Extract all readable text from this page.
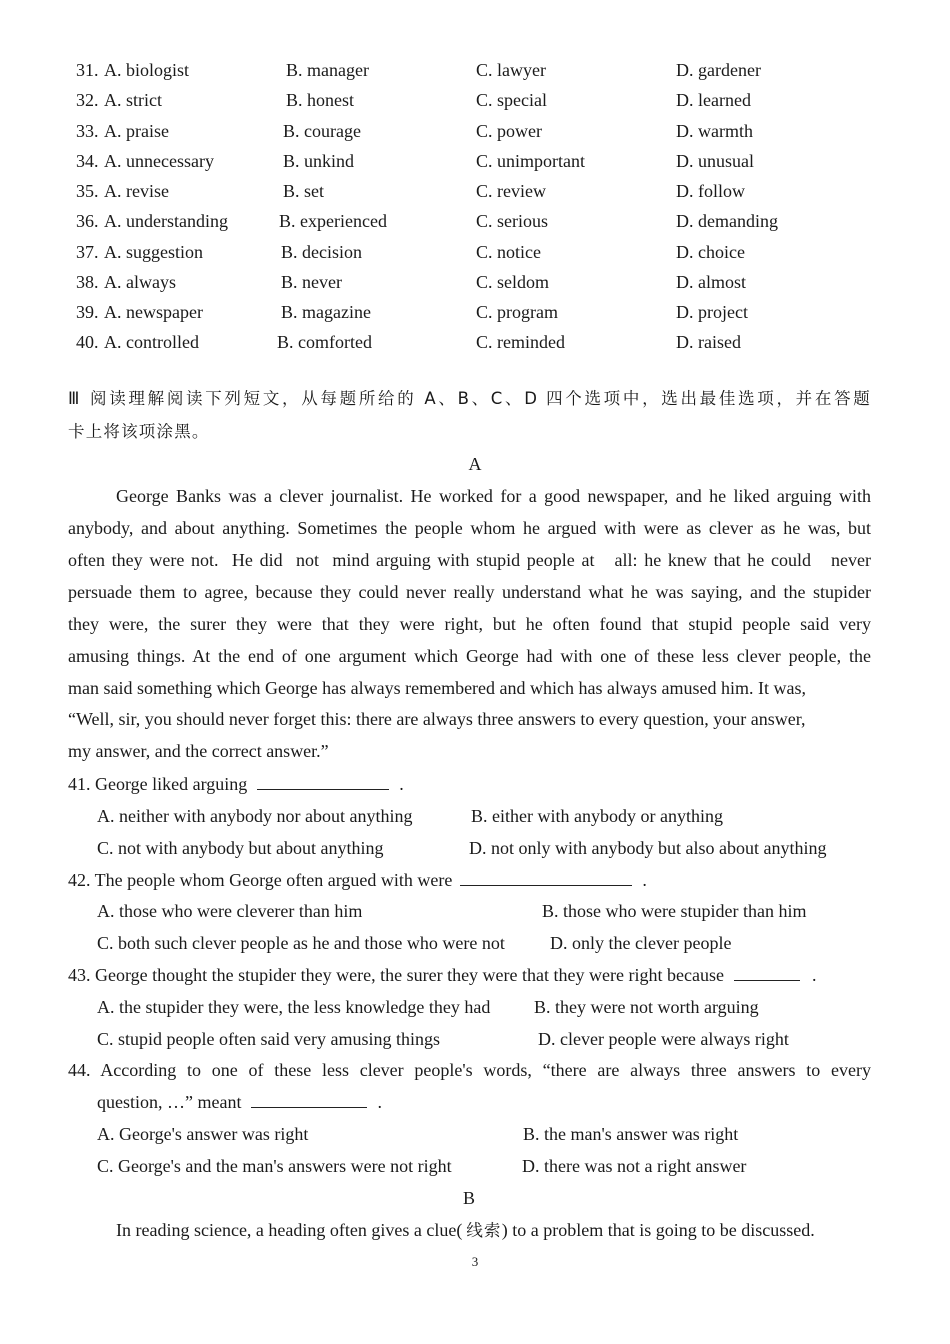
31. A. biologist	B. manager	C. lawyer	D. gardener
32. A. strict	B. honest	C. special	D. learned
33. A. praise	B. courage	C. power	D. warmth
34. A. unnecessary	B. unkind	C. unimportant	D. unusual
35. A. revise	B. set	C. review	D. follow
36. A. understanding	B. experienced	C. serious	D. demanding
37. A. suggestion	B. decision	C. notice	D. choice
38. A. always	B. never	C. seldom	D. almost
39. A. newspaper	B. magazine	C. program	D. project
40. A. controlled	B. comforted	C. reminded	D. raised
Ⅲ 阅读理解阅读下列短文，从每题所给的 A、B、C、D 四个选项中，选出最佳选项，并在答题
卡上将该项涂黑。
A
George Banks was a clever journalist. He worked for a good newspaper, and he liked arguing with
anybody, and about anything. Sometimes the people whom he argued with were as clever as he was, but
often they were not.  He did  not  mind arguing with stupid people at   all: he knew that he could   never
persuade them to agree, because they could never really understand what he was saying, and the stupider
they were, the surer they were that they were right, but he often found that stupid people said very
amusing things. At the end of one argument which George had with one of these less clever people, the
man said something which George has always remembered and which has always amused him. It was,
“Well, sir, you should never forget this: there are always three answers to every question, your answer,
my answer, and the correct answer.”
41. George liked arguing	.
A. neither with anybody nor about anything	B. either with anybody or anything
C. not with anybody but about anything	D. not only with anybody but also about anything
42. The people whom George often argued with were	.
A. those who were cleverer than him	B. those who were stupider than him
C. both such clever people as he and those who were not	D. only the clever people
43. George thought the stupider they were, the surer they were that they were right because	.
A. the stupider they were, the less knowledge they had B. they were not worth arguing
C. stupid people often said very amusing things	D. clever people were always right
44. According to one of these less clever people's words, “there are always three answers to every
question, …” meant	.
A. George's answer was right	B. the man's answer was right
C. George's and the man's answers were not right	D. there was not a right answer
B
In reading science, a heading often gives a clue( 线索) to a problem that is going to be discussed.
3
